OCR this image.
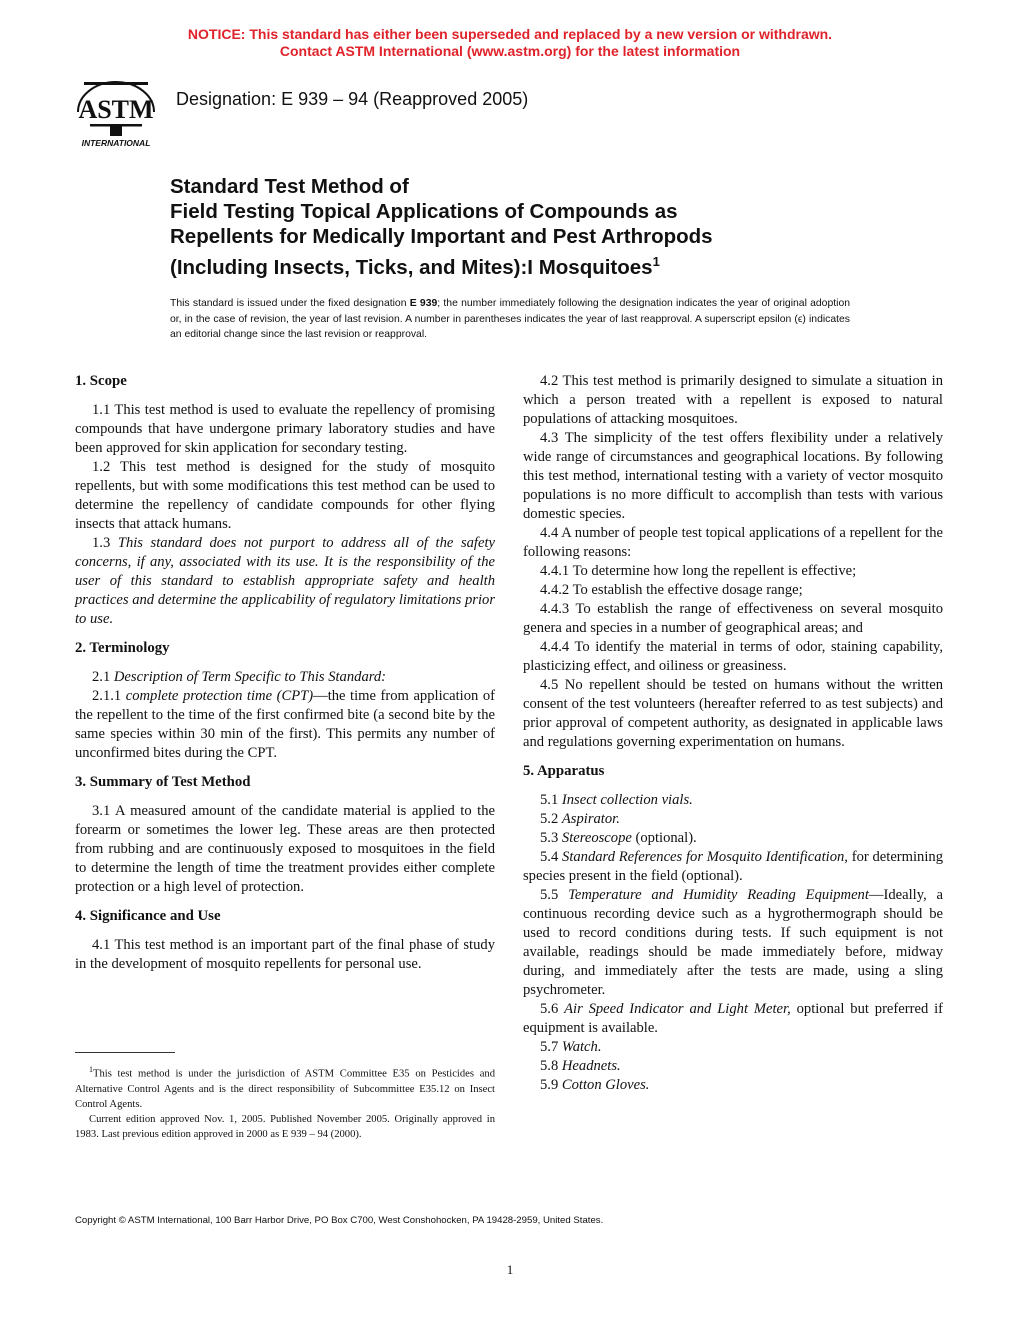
NOTICE: This standard has either been superseded and replaced by a new version or withdrawn.
Contact ASTM International (www.astm.org) for the latest information
ASTM
INTERNATIONAL
Designation: E 939 – 94 (Reapproved 2005)
Standard Test Method of
Field Testing Topical Applications of Compounds as
Repellents for Medically Important and Pest Arthropods
(Including Insects, Ticks, and Mites):I Mosquitoes$^1$
This standard is issued under the fixed designation E 939; the number immediately following the designation indicates the year of original adoption or, in the case of revision, the year of last revision. A number in parentheses indicates the year of last reapproval. A superscript epsilon (ϵ) indicates an editorial change since the last revision or reapproval.
1. Scope

1.1 This test method is used to evaluate the repellency of promising compounds that have undergone primary laboratory studies and have been approved for skin application for secondary testing.

1.2 This test method is designed for the study of mosquito repellents, but with some modifications this test method can be used to determine the repellency of candidate compounds for other flying insects that attack humans.

1.3 This standard does not purport to address all of the safety concerns, if any, associated with its use. It is the responsibility of the user of this standard to establish appropriate safety and health practices and determine the applicability of regulatory limitations prior to use.

2. Terminology

2.1 Description of Term Specific to This Standard:

2.1.1 complete protection time (CPT)—the time from application of the repellent to the time of the first confirmed bite (a second bite by the same species within 30 min of the first). This permits any number of unconfirmed bites during the CPT.

3. Summary of Test Method

3.1 A measured amount of the candidate material is applied to the forearm or sometimes the lower leg. These areas are then protected from rubbing and are continuously exposed to mosquitoes in the field to determine the length of time the treatment provides either complete protection or a high level of protection.

4. Significance and Use

4.1 This test method is an important part of the final phase of study in the development of mosquito repellents for personal use.

4.2 This test method is primarily designed to simulate a situation in which a person treated with a repellent is exposed to natural populations of attacking mosquitoes.

4.3 The simplicity of the test offers flexibility under a relatively wide range of circumstances and geographical locations. By following this test method, international testing with a variety of vector mosquito populations is no more difficult to accomplish than tests with various domestic species.

4.4 A number of people test topical applications of a repellent for the following reasons:

4.4.1 To determine how long the repellent is effective;

4.4.2 To establish the effective dosage range;

4.4.3 To establish the range of effectiveness on several mosquito genera and species in a number of geographical areas; and

4.4.4 To identify the material in terms of odor, staining capability, plasticizing effect, and oiliness or greasiness.

4.5 No repellent should be tested on humans without the written consent of the test volunteers (hereafter referred to as test subjects) and prior approval of competent authority, as designated in applicable laws and regulations governing experimentation on humans.

5. Apparatus

5.1 Insect collection vials.

5.2 Aspirator.

5.3 Stereoscope (optional).

5.4 Standard References for Mosquito Identification, for determining species present in the field (optional).

5.5 Temperature and Humidity Reading Equipment—Ideally, a continuous recording device such as a hygrothermograph should be used to record conditions during tests. If such equipment is not available, readings should be made immediately before, midway during, and immediately after the tests are made, using a sling psychrometer.

5.6 Air Speed Indicator and Light Meter, optional but preferred if equipment is available.

5.7 Watch.

5.8 Headnets.

5.9 Cotton Gloves.

$^1$This test method is under the jurisdiction of ASTM Committee E35 on Pesticides and Alternative Control Agents and is the direct responsibility of Subcommittee E35.12 on Insect Control Agents.

Current edition approved Nov. 1, 2005. Published November 2005. Originally approved in 1983. Last previous edition approved in 2000 as E 939 – 94 (2000).

Copyright © ASTM International, 100 Barr Harbor Drive, PO Box C700, West Conshohocken, PA 19428-2959, United States.
1
